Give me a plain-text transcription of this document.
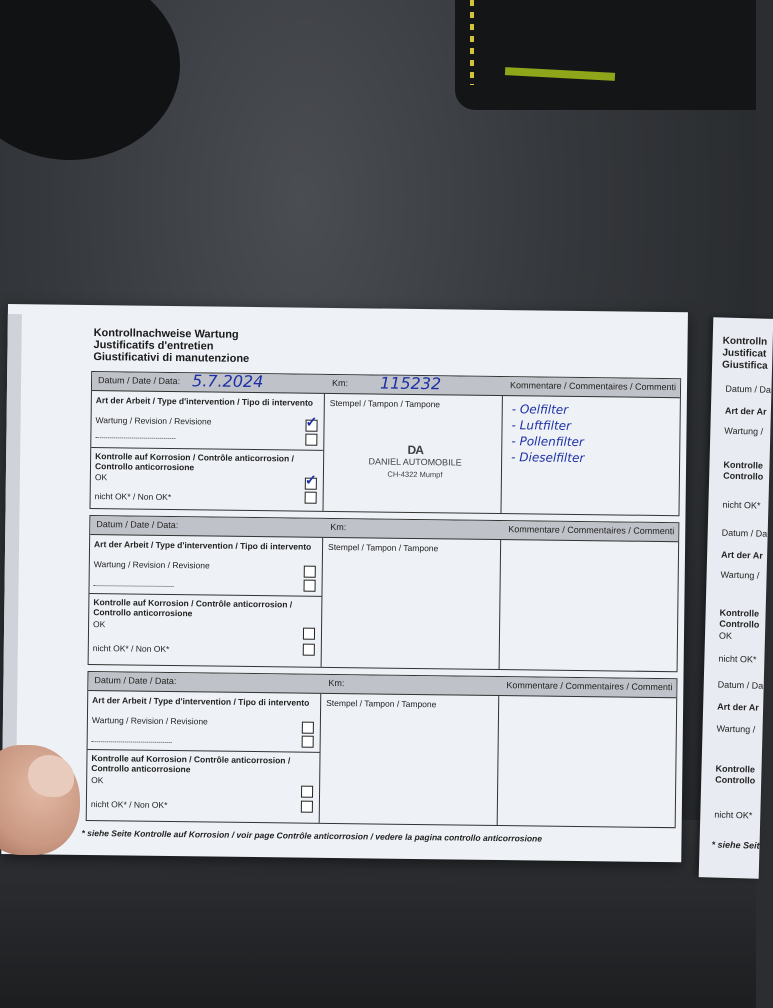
Kontrolln
Justificat
Giustifica
Datum / Da
Art der Ar
Wartung /
Kontrolle
Controllo
nicht OK*
Datum / Da
Art der Ar
Wartung /
Kontrolle
Controllo
OK
nicht OK*
Datum / Da
Art der Ar
Wartung /
Kontrolle
Controllo
nicht OK*
* siehe Seit
Kontrollnachweise Wartung
Justificatifs d'entretien
Giustificativi di manutenzione
Datum / Date / Data:	Km:	Kommentare / Commentaires / Commenti
5.7.2024	115232
Art der Arbeit / Type d'intervention / Tipo di intervento
Wartung / Revision / Revisione	✓
Kontrolle auf Korrosion / Contrôle anticorrosion /
Controllo anticorrosione
OK	✓
nicht OK* / Non OK*
Stempel / Tampon / Tampone
DA
DANIEL AUTOMOBILE
CH-4322 Mumpf
- Oelfilter
- Luftfilter
- Pollenfilter
- Dieselfilter
Datum / Date / Data:	Km:	Kommentare / Commentaires / Commenti
Art der Arbeit / Type d'intervention / Tipo di intervento
Wartung / Revision / Revisione
Kontrolle auf Korrosion / Contrôle anticorrosion /
Controllo anticorrosione
OK
nicht OK* / Non OK*
Stempel / Tampon / Tampone
Datum / Date / Data:	Km:	Kommentare / Commentaires / Commenti
Art der Arbeit / Type d'intervention / Tipo di intervento
Wartung / Revision / Revisione
Kontrolle auf Korrosion / Contrôle anticorrosion /
Controllo anticorrosione
OK
nicht OK* / Non OK*
Stempel / Tampon / Tampone
* siehe Seite Kontrolle auf Korrosion / voir page Contrôle anticorrosion / vedere la pagina controllo anticorrosione
